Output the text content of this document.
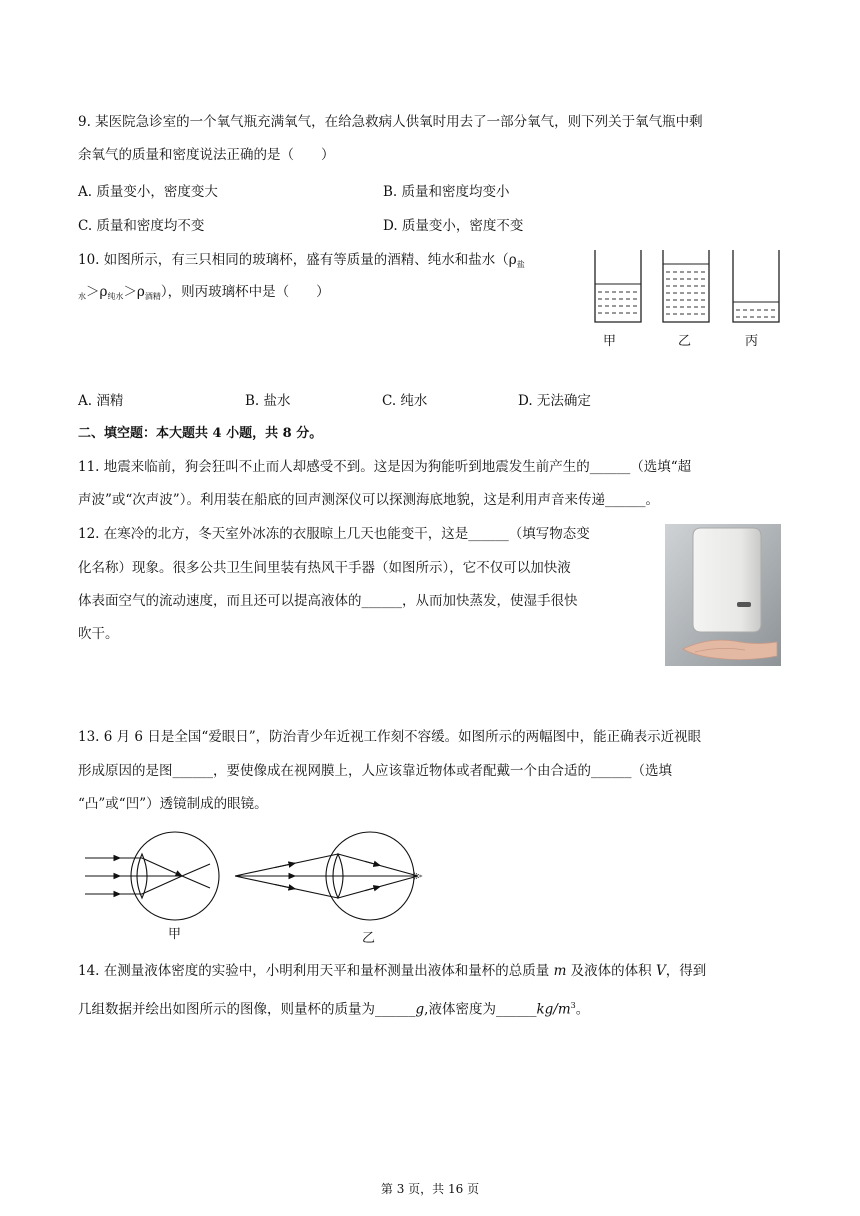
9. 某医院急诊室的一个氧气瓶充满氧气，在给急救病人供氧时用去了一部分氧气，则下列关于氧气瓶中剩
余氧气的质量和密度说法正确的是（　　）
A. 质量变小，密度变大	B. 质量和密度均变小
C. 质量和密度均不变	D. 质量变小，密度不变
10. 如图所示，有三只相同的玻璃杯，盛有等质量的酒精、纯水和盐水（$\rho_盐$
$_水>\rho_{纯水}>\rho_{酒精}$），则丙玻璃杯中是（　　）
甲	乙	丙
A. 酒精	B. 盐水	C. 纯水	D. 无法确定
二、填空题：本大题共 4 小题，共 8 分。
11. 地震来临前，狗会狂叫不止而人却感受不到。这是因为狗能听到地震发生前产生的______（选填“超
声波”或“次声波”）。利用装在船底的回声测深仪可以探测海底地貌，这是利用声音来传递______。
12. 在寒冷的北方，冬天室外冰冻的衣服晾上几天也能变干，这是______（填写物态变
化名称）现象。很多公共卫生间里装有热风干手器（如图所示），它不仅可以加快液
体表面空气的流动速度，而且还可以提高液体的______，从而加快蒸发，使湿手很快
吹干。
13. 6 月 6 日是全国“爱眼日”，防治青少年近视工作刻不容缓。如图所示的两幅图中，能正确表示近视眼
形成原因的是图______，要使像成在视网膜上，人应该靠近物体或者配戴一个由合适的______（选填
“凸”或“凹”）透镜制成的眼镜。
甲	乙
14. 在测量液体密度的实验中，小明利用天平和量杯测量出液体和量杯的总质量 m 及液体的体积 V，得到
几组数据并绘出如图所示的图像，则量杯的质量为______g,液体密度为$\_\_\_\_\_\_kg/m^3$。
第 3 页，共 16 页
